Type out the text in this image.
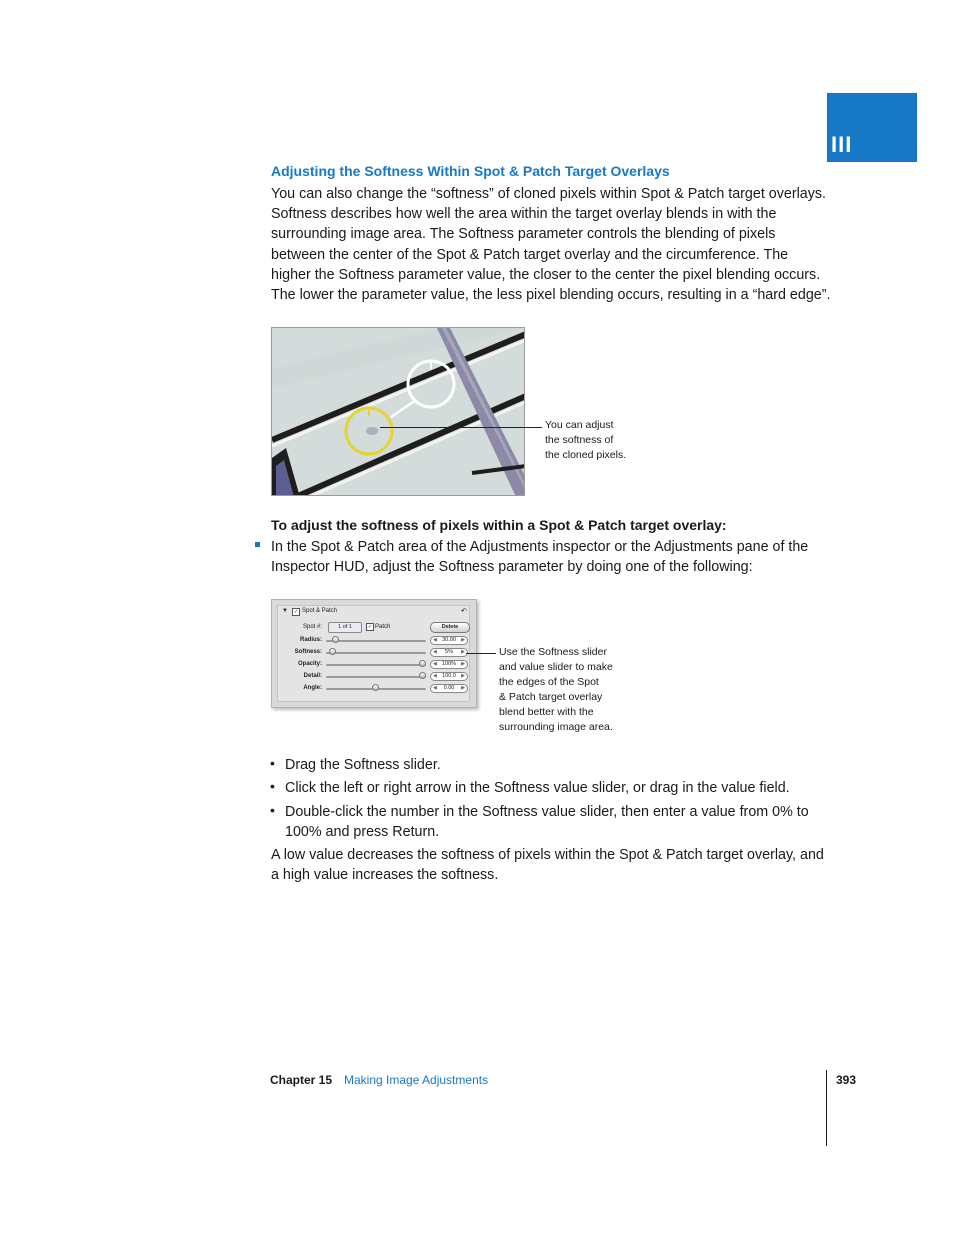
III
Adjusting the Softness Within Spot & Patch Target Overlays
You can also change the “softness” of cloned pixels within Spot & Patch target overlays.
Softness describes how well the area within the target overlay blends in with the
surrounding image area. The Softness parameter controls the blending of pixels
between the center of the Spot & Patch target overlay and the circumference. The
higher the Softness parameter value, the closer to the center the pixel blending occurs.
The lower the parameter value, the less pixel blending occurs, resulting in a “hard edge”.
You can adjust
the softness of
the cloned pixels.
To adjust the softness of pixels within a Spot & Patch target overlay:
In the Spot & Patch area of the Adjustments inspector or the Adjustments pane of the
Inspector HUD, adjust the Softness parameter by doing one of the following:
▼	✓ Spot & Patch	↶
Spot #:	1 of 1	✓ Patch	Delete
Radius:	◀ 30.00 ▶
Softness:	◀ 5% ▶
Opacity:	◀ 100% ▶
Detail:	◀ 100.0 ▶
Angle:	◀ 0.00 ▶
Use the Softness slider
and value slider to make
the edges of the Spot
& Patch target overlay
blend better with the
surrounding image area.
• Drag the Softness slider.
• Click the left or right arrow in the Softness value slider, or drag in the value field.
• Double-click the number in the Softness value slider, then enter a value from 0% to
100% and press Return.
A low value decreases the softness of pixels within the Spot & Patch target overlay, and
a high value increases the softness.
Chapter 15 Making Image Adjustments	393
